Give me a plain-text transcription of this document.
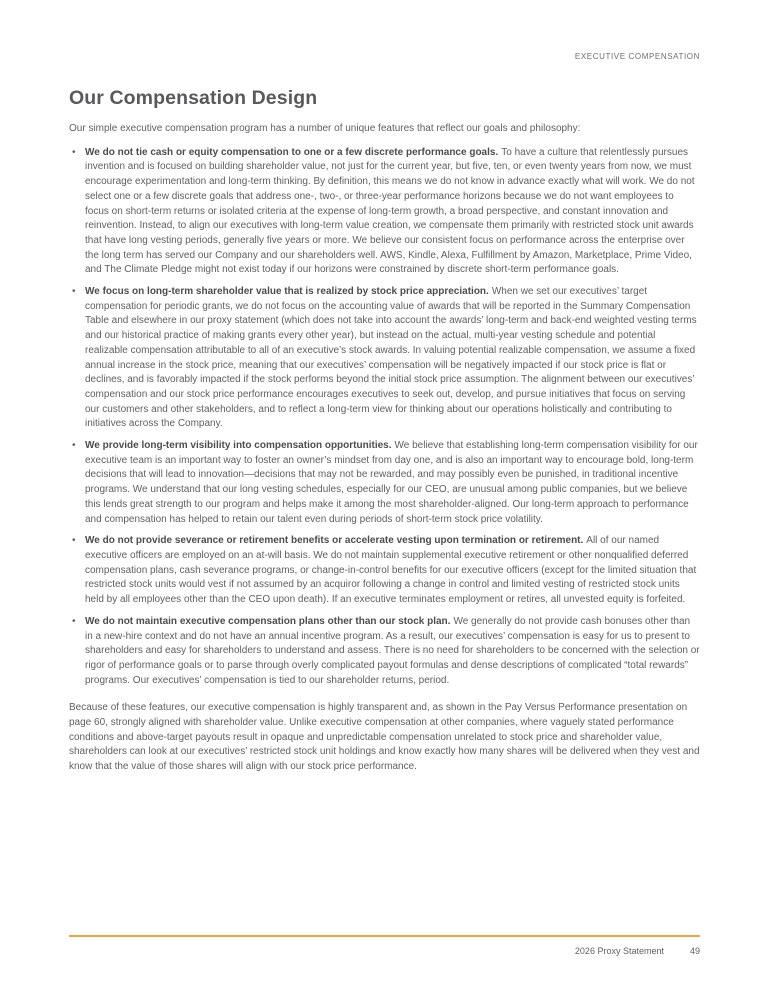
EXECUTIVE COMPENSATION
Our Compensation Design

Our simple executive compensation program has a number of unique features that reflect our goals and philosophy:

• We do not tie cash or equity compensation to one or a few discrete performance goals. To have a culture that relentlessly pursues invention and is focused on building shareholder value, not just for the current year, but five, ten, or even twenty years from now, we must encourage experimentation and long-term thinking. By definition, this means we do not know in advance exactly what will work. We do not select one or a few discrete goals that address one-, two-, or three-year performance horizons because we do not want employees to focus on short-term returns or isolated criteria at the expense of long-term growth, a broad perspective, and constant innovation and reinvention. Instead, to align our executives with long-term value creation, we compensate them primarily with restricted stock unit awards that have long vesting periods, generally five years or more. We believe our consistent focus on performance across the enterprise over the long term has served our Company and our shareholders well. AWS, Kindle, Alexa, Fulfillment by Amazon, Marketplace, Prime Video, and The Climate Pledge might not exist today if our horizons were constrained by discrete short-term performance goals.
• We focus on long-term shareholder value that is realized by stock price appreciation. When we set our executives’ target compensation for periodic grants, we do not focus on the accounting value of awards that will be reported in the Summary Compensation Table and elsewhere in our proxy statement (which does not take into account the awards’ long-term and back-end weighted vesting terms and our historical practice of making grants every other year), but instead on the actual, multi-year vesting schedule and potential realizable compensation attributable to all of an executive’s stock awards. In valuing potential realizable compensation, we assume a fixed annual increase in the stock price, meaning that our executives’ compensation will be negatively impacted if our stock price is flat or declines, and is favorably impacted if the stock performs beyond the initial stock price assumption. The alignment between our executives’ compensation and our stock price performance encourages executives to seek out, develop, and pursue initiatives that focus on serving our customers and other stakeholders, and to reflect a long-term view for thinking about our operations holistically and contributing to initiatives across the Company.
• We provide long-term visibility into compensation opportunities. We believe that establishing long-term compensation visibility for our executive team is an important way to foster an owner’s mindset from day one, and is also an important way to encourage bold, long-term decisions that will lead to innovation—decisions that may not be rewarded, and may possibly even be punished, in traditional incentive programs. We understand that our long vesting schedules, especially for our CEO, are unusual among public companies, but we believe this lends great strength to our program and helps make it among the most shareholder-aligned. Our long-term approach to performance and compensation has helped to retain our talent even during periods of short-term stock price volatility.
• We do not provide severance or retirement benefits or accelerate vesting upon termination or retirement. All of our named executive officers are employed on an at-will basis. We do not maintain supplemental executive retirement or other nonqualified deferred compensation plans, cash severance programs, or change-in-control benefits for our executive officers (except for the limited situation that restricted stock units would vest if not assumed by an acquiror following a change in control and limited vesting of restricted stock units held by all employees other than the CEO upon death). If an executive terminates employment or retires, all unvested equity is forfeited.
• We do not maintain executive compensation plans other than our stock plan. We generally do not provide cash bonuses other than in a new-hire context and do not have an annual incentive program. As a result, our executives’ compensation is easy for us to present to shareholders and easy for shareholders to understand and assess. There is no need for shareholders to be concerned with the selection or rigor of performance goals or to parse through overly complicated payout formulas and dense descriptions of complicated “total rewards” programs. Our executives’ compensation is tied to our shareholder returns, period.

Because of these features, our executive compensation is highly transparent and, as shown in the Pay Versus Performance presentation on page 60, strongly aligned with shareholder value. Unlike executive compensation at other companies, where vaguely stated performance conditions and above-target payouts result in opaque and unpredictable compensation unrelated to stock price and shareholder value, shareholders can look at our executives’ restricted stock unit holdings and know exactly how many shares will be delivered when they vest and know that the value of those shares will align with our stock price performance.

2026 Proxy Statement	49
